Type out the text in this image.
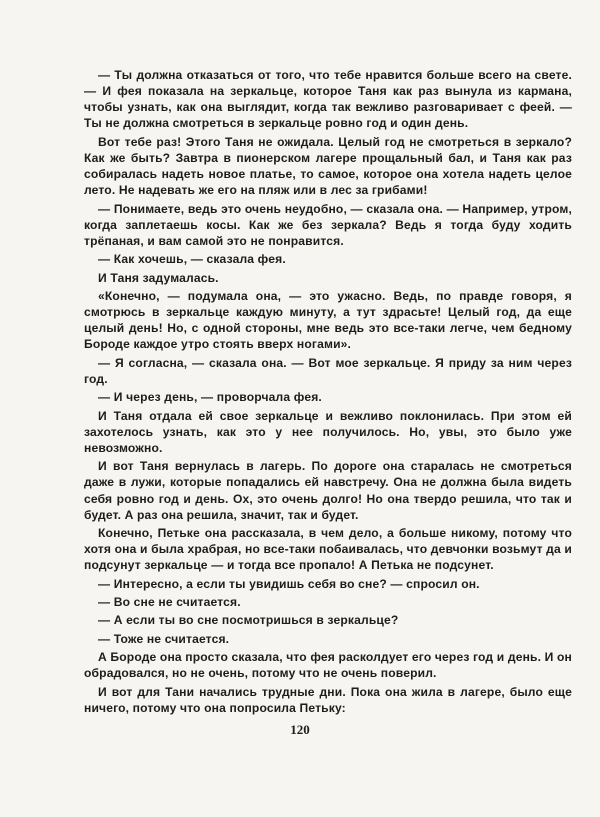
— Ты должна отказаться от того, что тебе нравится больше всего на свете. — И фея показала на зеркальце, которое Таня как раз вынула из кармана, чтобы узнать, как она выглядит, когда так вежливо разговаривает с феей. — Ты не должна смотреться в зеркальце ровно год и один день.

Вот тебе раз! Этого Таня не ожидала. Целый год не смотреться в зеркало? Как же быть? Завтра в пионерском лагере прощальный бал, и Таня как раз собиралась надеть новое платье, то самое, которое она хотела надеть целое лето. Не надевать же его на пляж или в лес за грибами!

— Понимаете, ведь это очень неудобно, — сказала она. — Например, утром, когда заплетаешь косы. Как же без зеркала? Ведь я тогда буду ходить трёпаная, и вам самой это не понравится.

— Как хочешь, — сказала фея.

И Таня задумалась.

«Конечно, — подумала она, — это ужасно. Ведь, по правде говоря, я смотрюсь в зеркальце каждую минуту, а тут здрасьте! Целый год, да еще целый день! Но, с одной стороны, мне ведь это все-таки легче, чем бедному Бороде каждое утро стоять вверх ногами».

— Я согласна, — сказала она. — Вот мое зеркальце. Я приду за ним через год.

— И через день, — проворчала фея.

И Таня отдала ей свое зеркальце и вежливо поклонилась. При этом ей захотелось узнать, как это у нее получилось. Но, увы, это было уже невозможно.

И вот Таня вернулась в лагерь. По дороге она старалась не смотреться даже в лужи, которые попадались ей навстречу. Она не должна была видеть себя ровно год и день. Ох, это очень долго! Но она твердо решила, что так и будет. А раз она решила, значит, так и будет.

Конечно, Петьке она рассказала, в чем дело, а больше никому, потому что хотя она и была храбрая, но все-таки побаивалась, что девчонки возьмут да и подсунут зеркальце — и тогда все пропало! А Петька не подсунет.

— Интересно, а если ты увидишь себя во сне? — спросил он.

— Во сне не считается.

— А если ты во сне посмотришься в зеркальце?

— Тоже не считается.

А Бороде она просто сказала, что фея расколдует его через год и день. И он обрадовался, но не очень, потому что не очень поверил.

И вот для Тани начались трудные дни. Пока она жила в лагере, было еще ничего, потому что она попросила Петьку:

120
